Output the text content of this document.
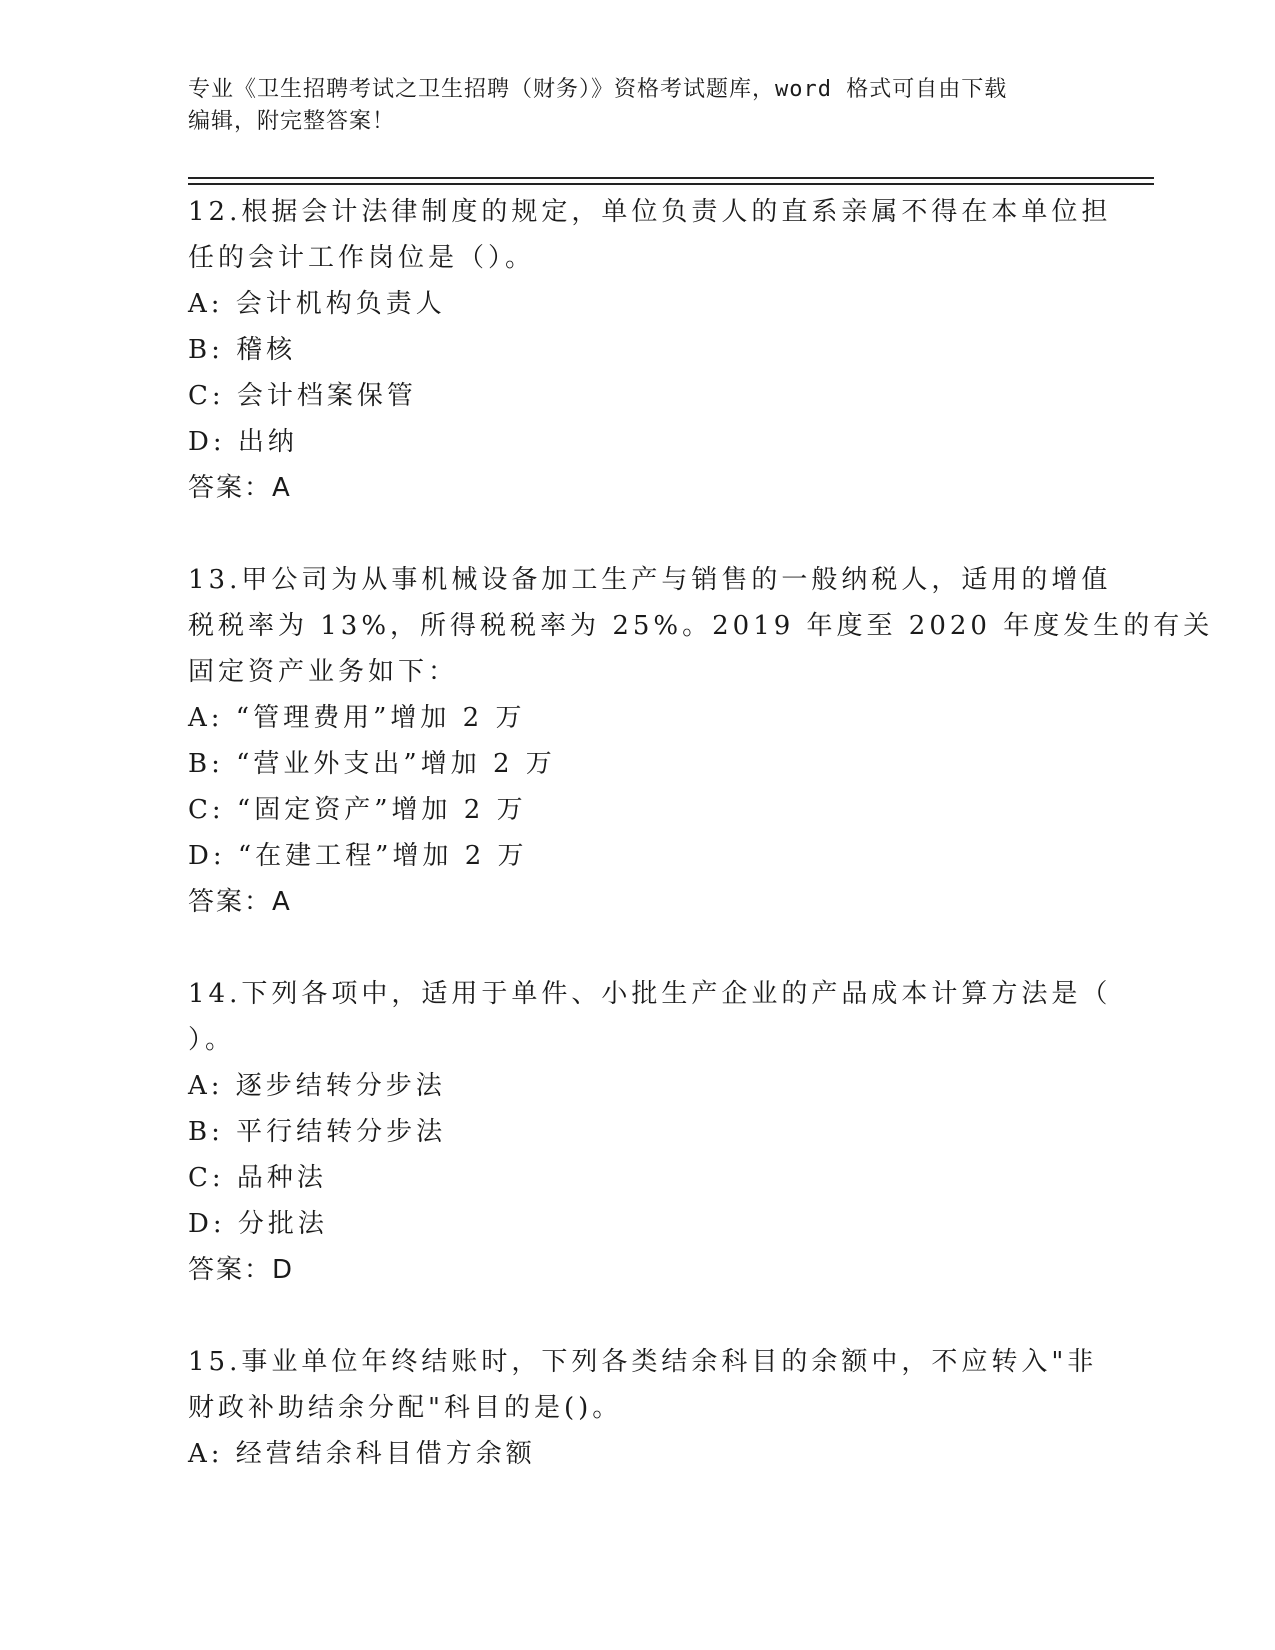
专业《卫生招聘考试之卫生招聘（财务）》资格考试题库，word 格式可自由下载
编辑，附完整答案！
12.根据会计法律制度的规定，单位负责人的直系亲属不得在本单位担
任的会计工作岗位是（）。
A: 会计机构负责人
B: 稽核
C: 会计档案保管
D: 出纳
答案：A
13.甲公司为从事机械设备加工生产与销售的一般纳税人，适用的增值
税税率为 13%，所得税税率为 25%。2019 年度至 2020 年度发生的有关
固定资产业务如下：
A: “管理费用”增加 2 万
B: “营业外支出”增加 2 万
C: “固定资产”增加 2 万
D: “在建工程”增加 2 万
答案：A
14.下列各项中，适用于单件、小批生产企业的产品成本计算方法是（
）。
A: 逐步结转分步法
B: 平行结转分步法
C: 品种法
D: 分批法
答案：D
15.事业单位年终结账时，下列各类结余科目的余额中，不应转入"非
财政补助结余分配"科目的是()。
A: 经营结余科目借方余额
